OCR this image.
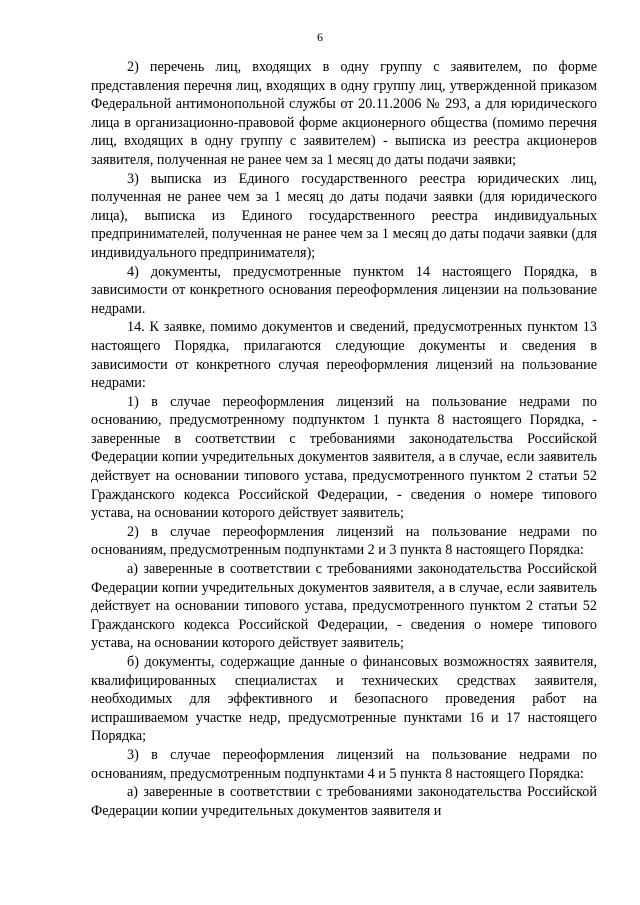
6

2) перечень лиц, входящих в одну группу с заявителем, по форме представления перечня лиц, входящих в одну группу лиц, утвержденной приказом Федеральной антимонопольной службы от 20.11.2006 № 293, а для юридического лица в организационно-правовой форме акционерного общества (помимо перечня лиц, входящих в одну группу с заявителем) - выписка из реестра акционеров заявителя, полученная не ранее чем за 1 месяц до даты подачи заявки;

3) выписка из Единого государственного реестра юридических лиц, полученная не ранее чем за 1 месяц до даты подачи заявки (для юридического лица), выписка из Единого государственного реестра индивидуальных предпринимателей, полученная не ранее чем за 1 месяц до даты подачи заявки (для индивидуального предпринимателя);

4) документы, предусмотренные пунктом 14 настоящего Порядка, в зависимости от конкретного основания переоформления лицензии на пользование недрами.

14. К заявке, помимо документов и сведений, предусмотренных пунктом 13 настоящего Порядка, прилагаются следующие документы и сведения в зависимости от конкретного случая переоформления лицензий на пользование недрами:

1) в случае переоформления лицензий на пользование недрами по основанию, предусмотренному подпунктом 1 пункта 8 настоящего Порядка, - заверенные в соответствии с требованиями законодательства Российской Федерации копии учредительных документов заявителя, а в случае, если заявитель действует на основании типового устава, предусмотренного пунктом 2 статьи 52 Гражданского кодекса Российской Федерации, - сведения о номере типового устава, на основании которого действует заявитель;

2) в случае переоформления лицензий на пользование недрами по основаниям, предусмотренным подпунктами 2 и 3 пункта 8 настоящего Порядка:

а) заверенные в соответствии с требованиями законодательства Российской Федерации копии учредительных документов заявителя, а в случае, если заявитель действует на основании типового устава, предусмотренного пунктом 2 статьи 52 Гражданского кодекса Российской Федерации, - сведения о номере типового устава, на основании которого действует заявитель;

б) документы, содержащие данные о финансовых возможностях заявителя, квалифицированных специалистах и технических средствах заявителя, необходимых для эффективного и безопасного проведения работ на испрашиваемом участке недр, предусмотренные пунктами 16 и 17 настоящего Порядка;

3) в случае переоформления лицензий на пользование недрами по основаниям, предусмотренным подпунктами 4 и 5 пункта 8 настоящего Порядка:

а) заверенные в соответствии с требованиями законодательства Российской Федерации копии учредительных документов заявителя и
